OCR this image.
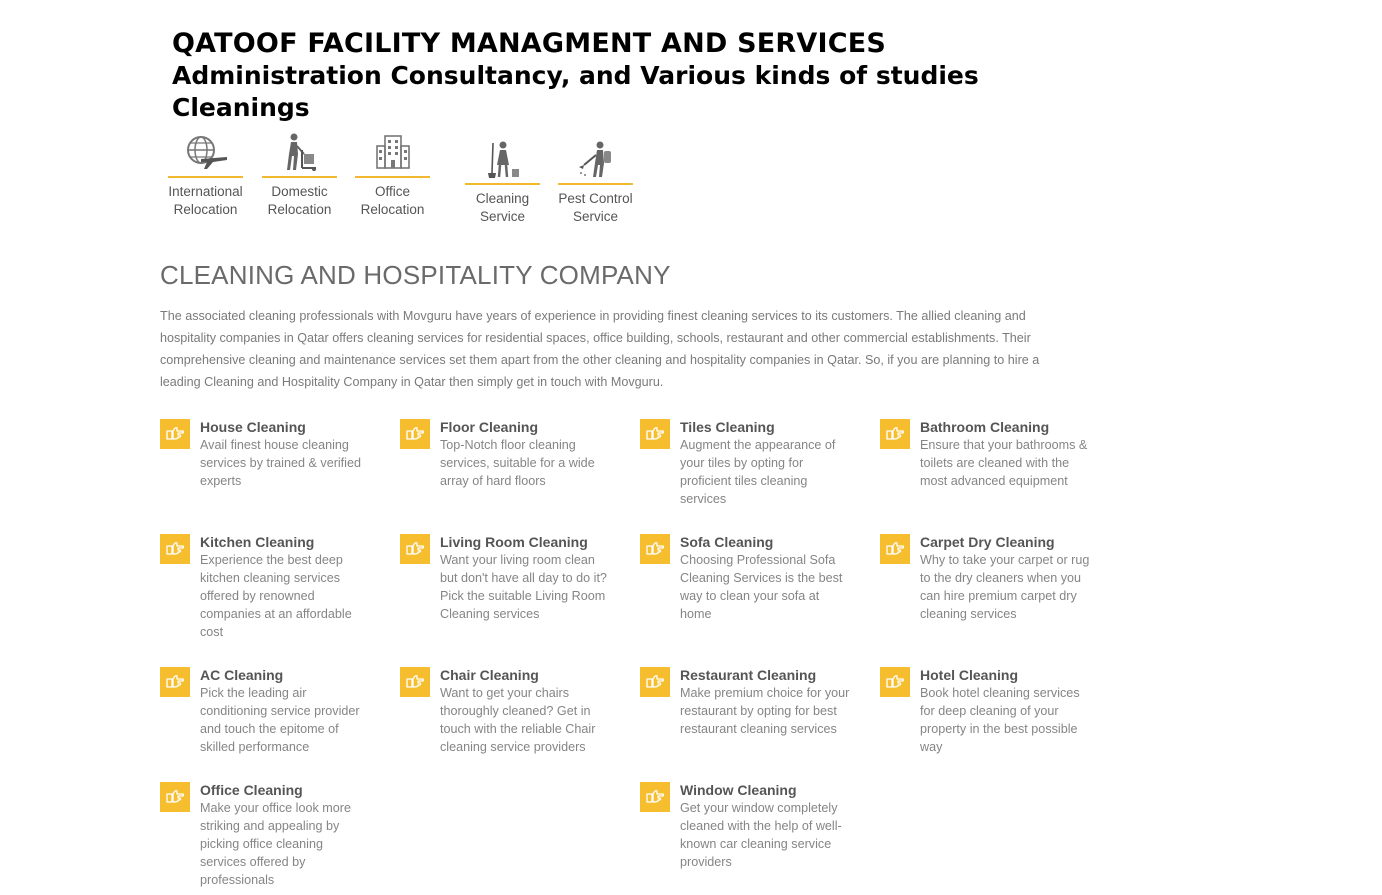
QATOOF FACILITY MANAGMENT AND SERVICES
Administration Consultancy, and Various kinds of studies
Cleanings
International
Relocation
Domestic
Relocation
Office
Relocation
Cleaning
Service
Pest Control
Service
CLEANING AND HOSPITALITY COMPANY
The associated cleaning professionals with Movguru have years of experience in providing finest cleaning services to its customers. The allied cleaning and hospitality companies in Qatar offers cleaning services for residential spaces, office building, schools, restaurant and other commercial establishments. Their comprehensive cleaning and maintenance services set them apart from the other cleaning and hospitality companies in Qatar. So, if you are planning to hire a leading Cleaning and Hospitality Company in Qatar then simply get in touch with Movguru.
House Cleaning
Avail finest house cleaning services by trained & verified experts
Floor Cleaning
Top-Notch floor cleaning services, suitable for a wide array of hard floors
Tiles Cleaning
Augment the appearance of your tiles by opting for proficient tiles cleaning services
Bathroom Cleaning
Ensure that your bathrooms & toilets are cleaned with the most advanced equipment
Kitchen Cleaning
Experience the best deep kitchen cleaning services offered by renowned companies at an affordable cost
Living Room Cleaning
Want your living room clean but don't have all day to do it? Pick the suitable Living Room Cleaning services
Sofa Cleaning
Choosing Professional Sofa Cleaning Services is the best way to clean your sofa at home
Carpet Dry Cleaning
Why to take your carpet or rug to the dry cleaners when you can hire premium carpet dry cleaning services
AC Cleaning
Pick the leading air conditioning service provider and touch the epitome of skilled performance
Chair Cleaning
Want to get your chairs thoroughly cleaned? Get in touch with the reliable Chair cleaning service providers
Restaurant Cleaning
Make premium choice for your restaurant by opting for best restaurant cleaning services
Hotel Cleaning
Book hotel cleaning services for deep cleaning of your property in the best possible way
Office Cleaning
Make your office look more striking and appealing by picking office cleaning services offered by professionals
Window Cleaning
Get your window completely cleaned with the help of well-known car cleaning service providers
